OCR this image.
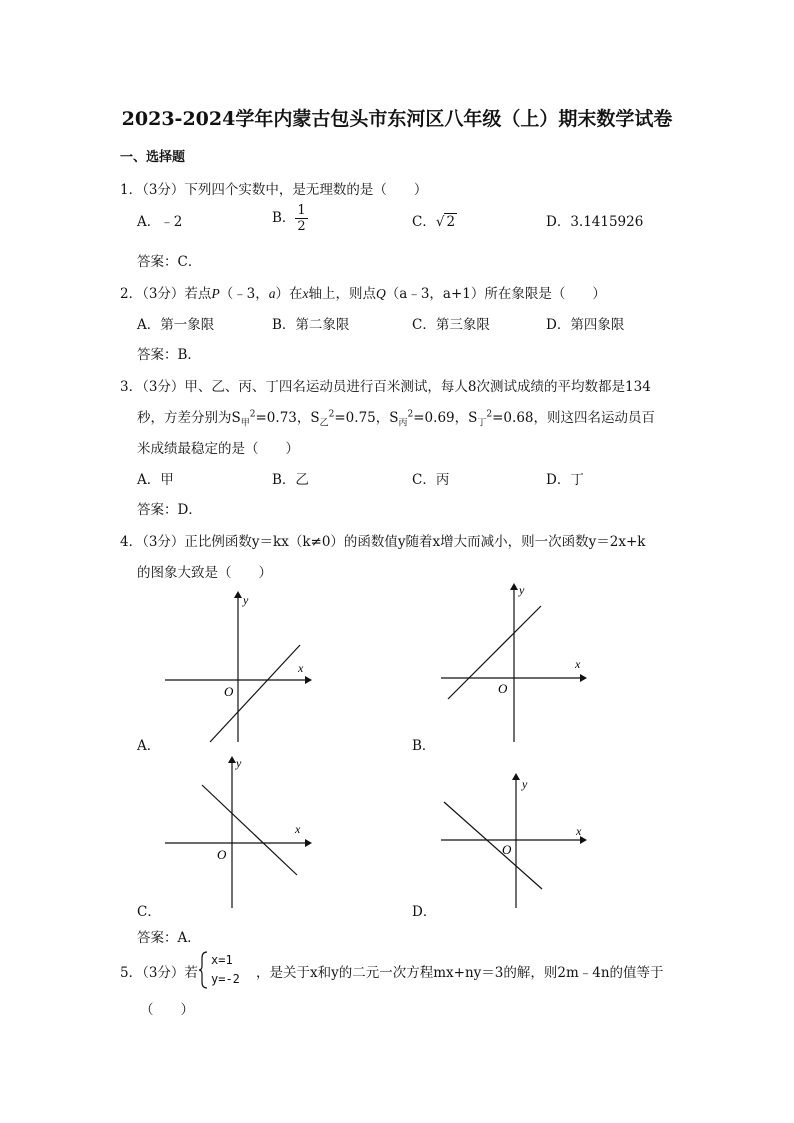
2023-2024学年内蒙古包头市东河区八年级（上）期末数学试卷
一、选择题
1．（3分）下列四个实数中，是无理数的是（　　）
A．﹣2	B． $\frac{1}{2}$	C．√ 2	D．3.1415926
答案：C．
2．（3分）若点P（﹣3，a）在x轴上，则点Q（a﹣3，a+1）所在象限是（　　）
A．第一象限	B．第二象限	C．第三象限	D．第四象限
答案：B．
3．（3分）甲、乙、丙、丁四名运动员进行百米测试，每人8次测试成绩的平均数都是134
秒，方差分别为$S_甲^2=0.73$，$S_乙^2=0.75$，$S_丙^2=0.69$，$S_丁^2=0.68$，则这四名运动员百
米成绩最稳定的是（　　）
A．甲	B．乙	C．丙	D．丁
答案：D．
4．（3分）正比例函数y＝kx（k≠0）的函数值y随着x增大而减小，则一次函数y＝2x+k
的图象大致是（　　）
x
y
O
A．
x
y
O
B．
x
y
O
C．
x
y
O
D．
答案：A．
5．（3分）若
x=1
y=-2 ，是关于x和y的二元一次方程mx+ny＝3的解，则2m﹣4n的值等于
（　　）
